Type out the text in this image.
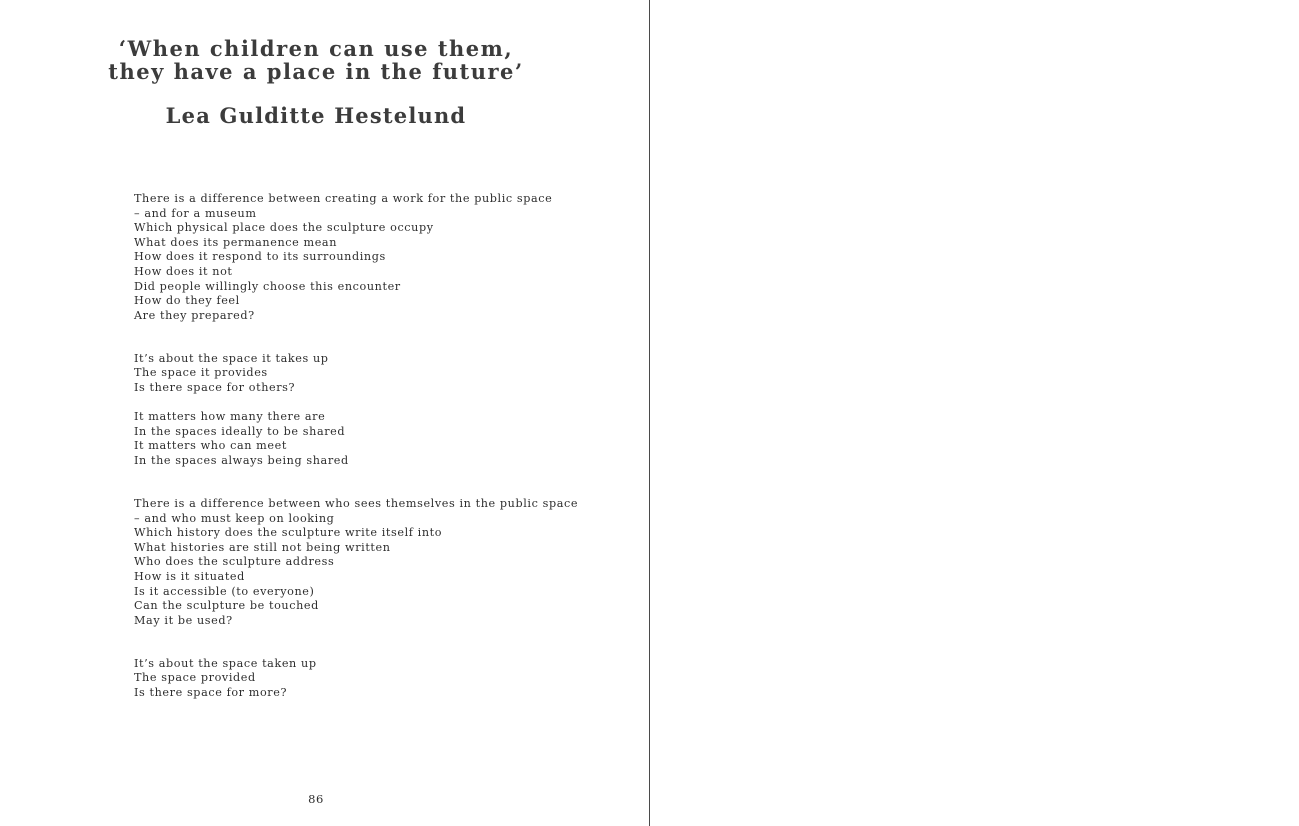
‘When children can use them,
they have a place in the future’
Lea Gulditte Hestelund

There is a difference between creating a work for the public space
– and for a museum
Which physical place does the sculpture occupy
What does its permanence mean
How does it respond to its surroundings
How does it not
Did people willingly choose this encounter
How do they feel
Are they prepared?

It’s about the space it takes up
The space it provides
Is there space for others?

It matters how many there are
In the spaces ideally to be shared
It matters who can meet
In the spaces always being shared

There is a difference between who sees themselves in the public space
– and who must keep on looking
Which history does the sculpture write itself into
What histories are still not being written
Who does the sculpture address
How is it situated
Is it accessible (to everyone)
Can the sculpture be touched
May it be used?

It’s about the space taken up
The space provided
Is there space for more?

86
